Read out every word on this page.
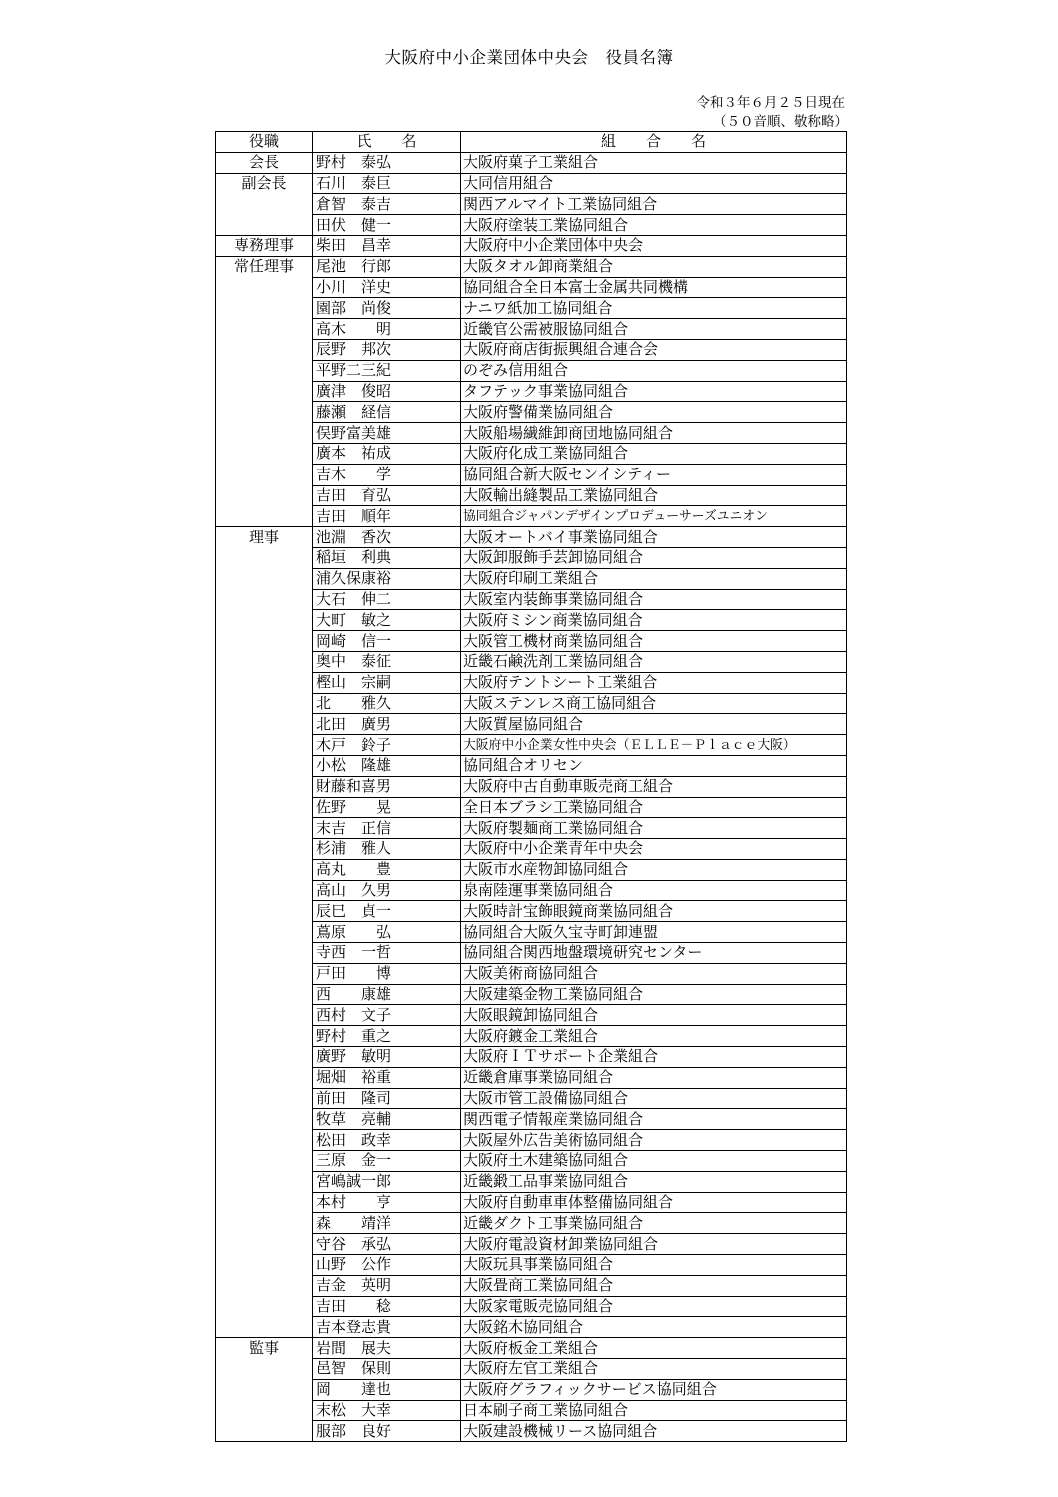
大阪府中小企業団体中央会　役員名簿
令和３年６月２５日現在
（５０音順、敬称略）
役職	氏　　名	組　　合　　名
会長	野村　泰弘	大阪府菓子工業組合
副会長	石川　泰巨	大同信用組合
	倉智　泰吉	関西アルマイト工業協同組合
	田伏　健一	大阪府塗装工業協同組合
専務理事	柴田　昌幸	大阪府中小企業団体中央会
常任理事	尾池　行郎	大阪タオル卸商業組合
	小川　洋史	協同組合全日本富士金属共同機構
	園部　尚俊	ナニワ紙加工協同組合
	高木　　明	近畿官公需被服協同組合
	辰野　邦次	大阪府商店街振興組合連合会
	平野二三紀	のぞみ信用組合
	廣津　俊昭	タフテック事業協同組合
	藤瀬　経信	大阪府警備業協同組合
	俣野富美雄	大阪船場繊維卸商団地協同組合
	廣本　祐成	大阪府化成工業協同組合
	吉木　　学	協同組合新大阪センイシティー
	吉田　育弘	大阪輸出縫製品工業協同組合
	吉田　順年	協同組合ジャパンデザインプロデューサーズユニオン
理事	池淵　香次	大阪オートバイ事業協同組合
	稲垣　利典	大阪卸服飾手芸卸協同組合
	浦久保康裕	大阪府印刷工業組合
	大石　伸二	大阪室内装飾事業協同組合
	大町　敏之	大阪府ミシン商業協同組合
	岡崎　信一	大阪管工機材商業協同組合
	奥中　泰征	近畿石鹸洗剤工業協同組合
	樫山　宗嗣	大阪府テントシート工業組合
	北　　雅久	大阪ステンレス商工協同組合
	北田　廣男	大阪質屋協同組合
	木戸　鈴子	大阪府中小企業女性中央会（ＥＬＬＥ－Ｐｌａｃｅ大阪）
	小松　隆雄	協同組合オリセン
	財藤和喜男	大阪府中古自動車販売商工組合
	佐野　　晃	全日本ブラシ工業協同組合
	末吉　正信	大阪府製麺商工業協同組合
	杉浦　雅人	大阪府中小企業青年中央会
	高丸　　豊	大阪市水産物卸協同組合
	高山　久男	泉南陸運事業協同組合
	辰巳　貞一	大阪時計宝飾眼鏡商業協同組合
	蔦原　　弘	協同組合大阪久宝寺町卸連盟
	寺西　一哲	協同組合関西地盤環境研究センター
	戸田　　博	大阪美術商協同組合
	西　　康雄	大阪建築金物工業協同組合
	西村　文子	大阪眼鏡卸協同組合
	野村　重之	大阪府鍍金工業組合
	廣野　敏明	大阪府ＩＴサポート企業組合
	堀畑　裕重	近畿倉庫事業協同組合
	前田　隆司	大阪市管工設備協同組合
	牧草　亮輔	関西電子情報産業協同組合
	松田　政幸	大阪屋外広告美術協同組合
	三原　金一	大阪府土木建築協同組合
	宮嶋誠一郎	近畿鍛工品事業協同組合
	本村　　亨	大阪府自動車車体整備協同組合
	森　　靖洋	近畿ダクト工事業協同組合
	守谷　承弘	大阪府電設資材卸業協同組合
	山野　公作	大阪玩具事業協同組合
	吉金　英明	大阪畳商工業協同組合
	吉田　　稔	大阪家電販売協同組合
	吉本登志貴	大阪銘木協同組合
監事	岩間　展夫	大阪府板金工業組合
	邑智　保則	大阪府左官工業組合
	岡　　達也	大阪府グラフィックサービス協同組合
	末松　大幸	日本刷子商工業協同組合
	服部　良好	大阪建設機械リース協同組合
